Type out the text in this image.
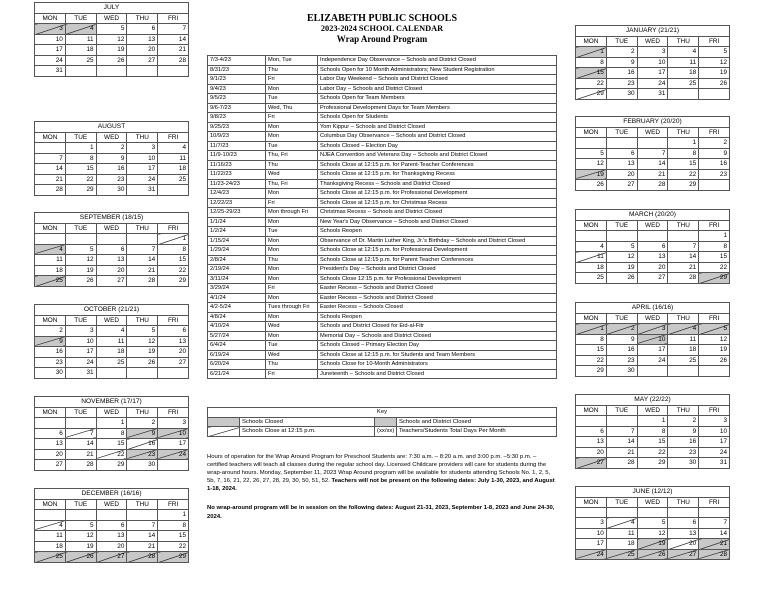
JULY				
MON	TUE	WED	THU	FRI
3	4	5	6	7
10	11	12	13	14
17	18	19	20	21
24	25	26	27	28
31				
AUGUST				
MON	TUE	WED	THU	FRI
	1	2	3	4
7	8	9	10	11
14	15	16	17	18
21	22	23	24	25
28	29	30	31	
SEPTEMBER (18/15)				
MON	TUE	WED	THU	FRI
				1
4	5	6	7	8
11	12	13	14	15
18	19	20	21	22
25	26	27	28	29
OCTOBER (21/21)				
MON	TUE	WED	THU	FRI
2	3	4	5	6
9	10	11	12	13
16	17	18	19	20
23	24	25	26	27
30	31			
NOVEMBER (17/17)				
MON	TUE	WED	THU	FRI
		1	2	3
6	7	8	9	10
13	14	15	16	17
20	21	22	23	24
27	28	29	30	
DECEMBER (16/16)				
MON	TUE	WED	THU	FRI
				1
4	5	6	7	8
11	12	13	14	15
18	19	20	21	22
25	26	27	28	29
JANUARY (21/21)				
MON	TUE	WED	THU	FRI
1	2	3	4	5
8	9	10	11	12
15	16	17	18	19
22	23	24	25	26
29	30	31		
FEBRUARY (20/20)				
MON	TUE	WED	THU	FRI
			1	2
5	6	7	8	9
12	13	14	15	16
19	20	21	22	23
26	27	28	29	
MARCH (20/20)				
MON	TUE	WED	THU	FRI
				1
4	5	6	7	8
11	12	13	14	15
18	19	20	21	22
25	26	27	28	29
APRIL (16/16)				
MON	TUE	WED	THU	FRI
1	2	3	4	5
8	9	10	11	12
15	16	17	18	19
22	23	24	25	26
29	30			
MAY (22/22)				
MON	TUE	WED	THU	FRI
		1	2	3
6	7	8	9	10
13	14	15	16	17
20	21	22	23	24
27	28	29	30	31
JUNE (12/12)				
MON	TUE	WED	THU	FRI

3	4	5	6	7
10	11	12	13	14
17	18	19	20	21
24	25	26	27	28
ELIZABETH PUBLIC SCHOOLS
2023-2024 SCHOOL CALENDAR
Wrap Around Program
7/3-4/23	Mon, Tue	Independence Day Observance – Schools and District Closed
8/31/23	Thu	Schools Open for 10 Month Administrators; New Student Registration
9/1/23	Fri	Labor Day Weekend – Schools and District Closed
9/4/23	Mon	Labor Day – Schools and District Closed
9/5/23	Tue	Schools Open for Team Members
9/6-7/23	Wed, Thu	Professional Development Days for Team Members
9/8/23	Fri	Schools Open for Students
9/25/23	Mon	Yom Kippur – Schools and District Closed
10/9/23	Mon	Columbus Day Observance – Schools and District Closed
11/7/23	Tue	Schools Closed – Election Day
11/9-10/23	Thu, Fri	NJEA Convention and Veterans Day – Schools and District Closed
11/16/23	Thu	Schools Close at 12:15 p.m. for Parent-Teacher Conferences
11/22/23	Wed	Schools Close at 12:15 p.m. for Thanksgiving Recess
11/23-24/23	Thu, Fri	Thanksgiving Recess – Schools and District Closed
12/4/23	Mon	Schools Close at 12:15 p.m. for Professional Development
12/22/23	Fri	Schools Close at 12:15 p.m. for Christmas Recess
12/25-29/23	Mon through Fri	Christmas Recess – Schools and District Closed
1/1/24	Mon	New Year's Day Observance – Schools and District Closed
1/2/24	Tue	Schools Reopen
1/15/24	Mon	Observance of Dr. Martin Luther King, Jr.'s Birthday – Schools and District Closed
1/29/24	Mon	Schools Close at 12:15 p.m. for Professional Development
2/8/24	Thu	Schools Close at 12:15 p.m. for Parent Teacher Conferences
2/19/24	Mon	President's Day – Schools and District Closed
3/11/24	Mon	Schools Close 12:15 p.m. for Professional Development
3/29/24	Fri	Easter Recess – Schools and District Closed
4/1/24	Mon	Easter Recess – Schools and District Closed
4/2-5/24	Tues through Fri	Easter Recess – Schools Closed
4/8/24	Mon	Schools Reopen
4/10/24	Wed	Schools and District Closed for Eid-al-Fitr
5/27/24	Mon	Memorial Day – Schools and District Closed
6/4/24	Tue	Schools Closed – Primary Election Day
6/19/24	Wed	Schools Close at 12:15 p.m. for Students and Team Members
6/20/24	Thu	Schools Close for 10-Month Administrators
6/21/24	Fri	Juneteenth – Schools and District Closed
Key			
	Schools Closed		Schools and District Closed
	Schools Close at 12:15 p.m.	(xx/xx)	Teachers/Students Total Days Per Month

Hours of operation for the Wrap Around Program for Preschool Students are: 7:30 a.m. – 8:20 a.m. and 3:00 p.m. –5:30 p.m. – certified teachers will teach all classes during the regular school day. Licensed Childcare providers will care for students during the wrap-around hours. Monday, September 11, 2023 Wrap Around program will be available for students attending Schools No. 1, 2, 5, 5b, 7, 16, 21, 22, 26, 27, 28, 29, 30, 50, 51, 52. Teachers will not be present on the following dates: July 1-30, 2023, and August 1-18, 2024.

No wrap-around program will be in session on the following dates: August 21-31, 2023, September 1-8, 2023 and June 24-30, 2024.
